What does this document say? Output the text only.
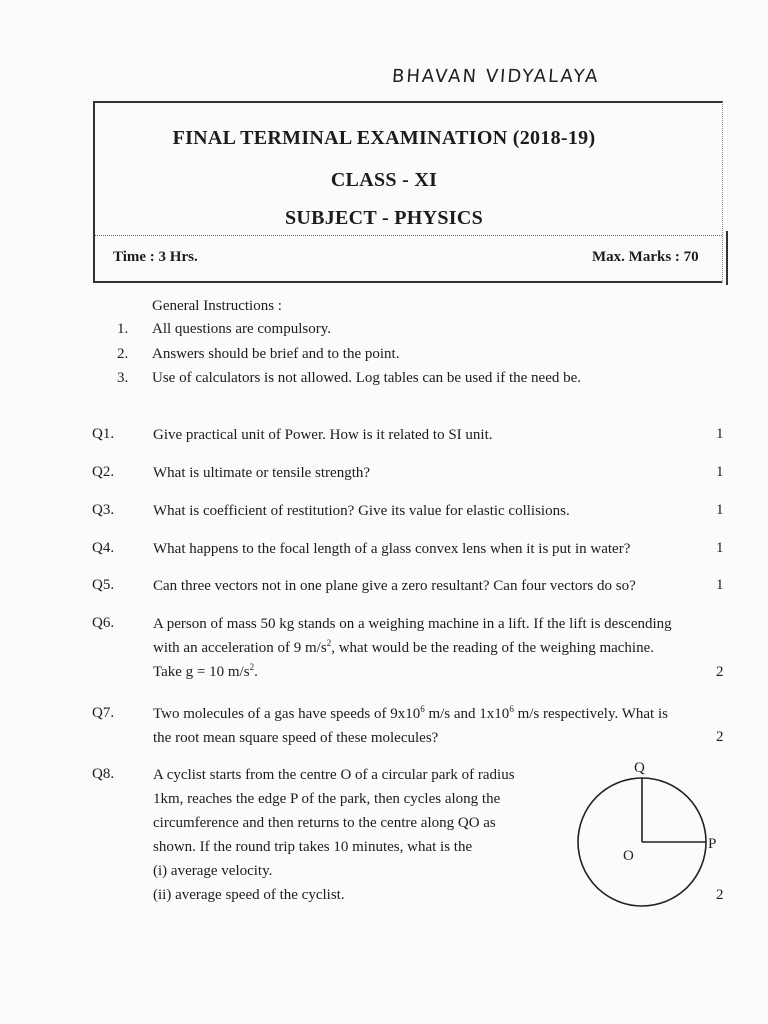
BHAVAN VIDYALAYA
FINAL TERMINAL EXAMINATION (2018-19)
CLASS - XI
SUBJECT - PHYSICS
Time : 3 Hrs.	Max. Marks : 70
General Instructions :
1. All questions are compulsory.
2. Answers should be brief and to the point.
3. Use of calculators is not allowed. Log tables can be used if the need be.
Q1.	Give practical unit of Power. How is it related to SI unit.	1
Q2.	What is ultimate or tensile strength?	1
Q3.	What is coefficient of restitution? Give its value for elastic collisions.	1
Q4.	What happens to the focal length of a glass convex lens when it is put in water?	1
Q5.	Can three vectors not in one plane give a zero resultant? Can four vectors do so?	1
Q6.	A person of mass 50 kg stands on a weighing machine in a lift. If the lift is descending
with an acceleration of 9 $m/s^2$, what would be the reading of the weighing machine.
Take g = 10 $m/s^2$.	2
Q7.	Two molecules of a gas have speeds of $9x10^6$ m/s and $1x10^6$ m/s respectively. What is
the root mean square speed of these molecules?	2
Q8.	A cyclist starts from the centre O of a circular park of radius
1km, reaches the edge P of the park, then cycles along the
circumference and then returns to the centre along QO as
shown. If the round trip takes 10 minutes, what is the
(i) average velocity.
(ii) average speed of the cyclist.	2
Q
P
O
